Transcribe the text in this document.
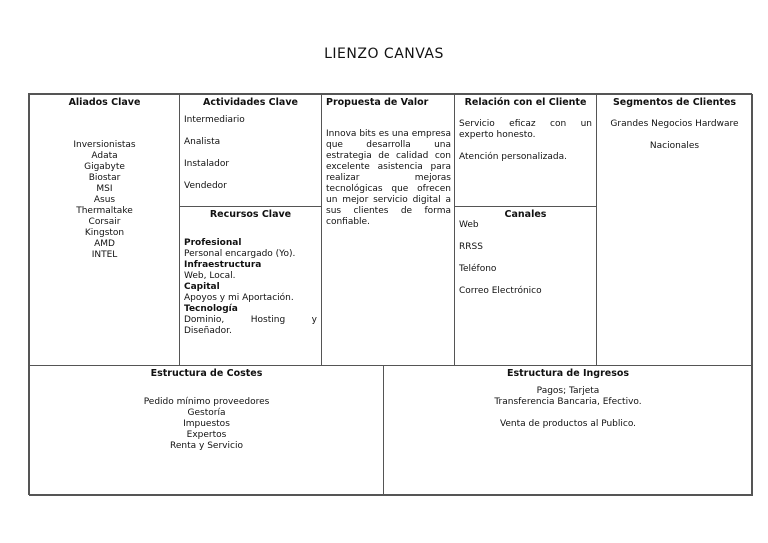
LIENZO CANVAS
Aliados Clave
Inversionistas
Adata
Gigabyte
Biostar
MSI
Asus
Thermaltake
Corsair
Kingston
AMD
INTEL
Actividades Clave
Intermediario
Analista
Instalador
Vendedor
Recursos Clave
Profesional
Personal encargado (Yo).
Infraestructura
Web, Local.
Capital
Apoyos y mi Aportación.
Tecnología
Dominio, Hosting y
Diseñador.
Propuesta de Valor
Innova bits es una empresa que desarrolla una estrategia de calidad con excelente asistencia para realizar mejoras tecnológicas que ofrecen un mejor servicio digital a sus clientes de forma confiable.
Relación con el Cliente
Servicio eficaz con un experto honesto.
Atención personalizada.
Canales
Web
RRSS
Teléfono
Correo Electrónico
Segmentos de Clientes
Grandes Negocios Hardware
Nacionales
Estructura de Costes
Pedido mínimo proveedores
Gestoría
Impuestos
Expertos
Renta y Servicio
Estructura de Ingresos
Pagos; Tarjeta
Transferencia Bancaria, Efectivo.
Venta de productos al Publico.
